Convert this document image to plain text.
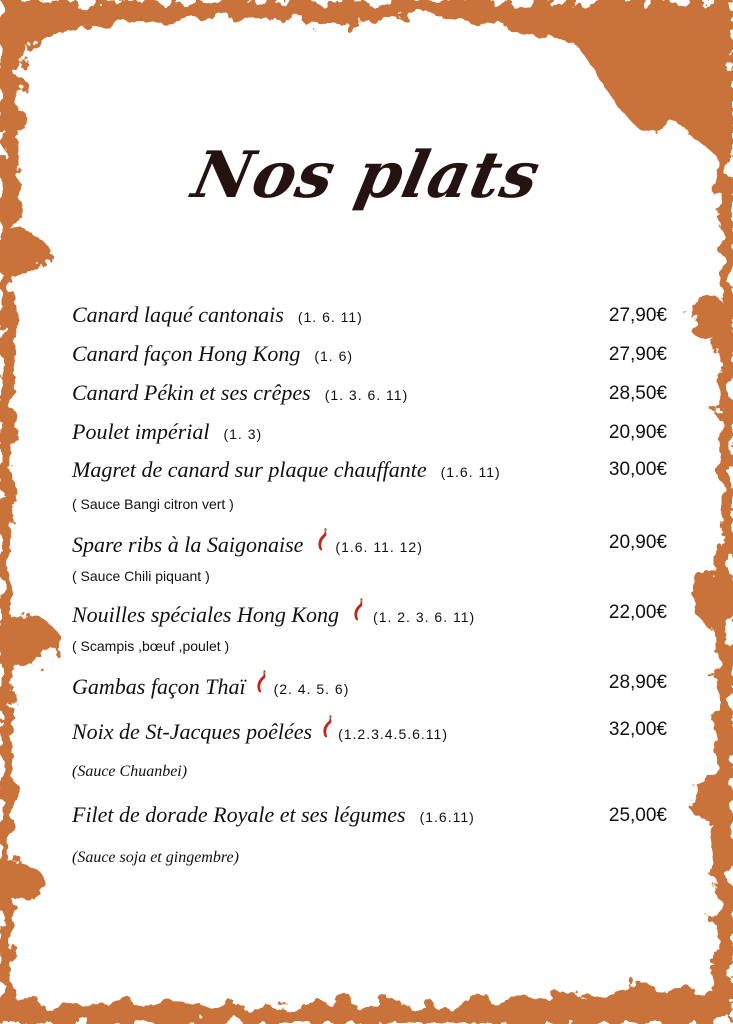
Nos plats
Canard laqué cantonais (1. 6. 11)	27,90€
Canard façon Hong Kong (1. 6)	27,90€
Canard Pékin et ses crêpes (1. 3. 6. 11)	28,50€
Poulet impérial (1. 3)	20,90€
Magret de canard sur plaque chauffante (1.6. 11)	30,00€
( Sauce Bangi citron vert )
Spare ribs à la Saigonaise (1.6. 11. 12)	20,90€
( Sauce Chili piquant )
Nouilles spéciales Hong Kong (1. 2. 3. 6. 11)	22,00€
( Scampis ,bœuf ,poulet )
Gambas façon Thaï (2. 4. 5. 6)	28,90€
Noix de St-Jacques poêlées (1.2.3.4.5.6.11)	32,00€
(Sauce Chuanbei)
Filet de dorade Royale et ses légumes (1.6.11)	25,00€
(Sauce soja et gingembre)
